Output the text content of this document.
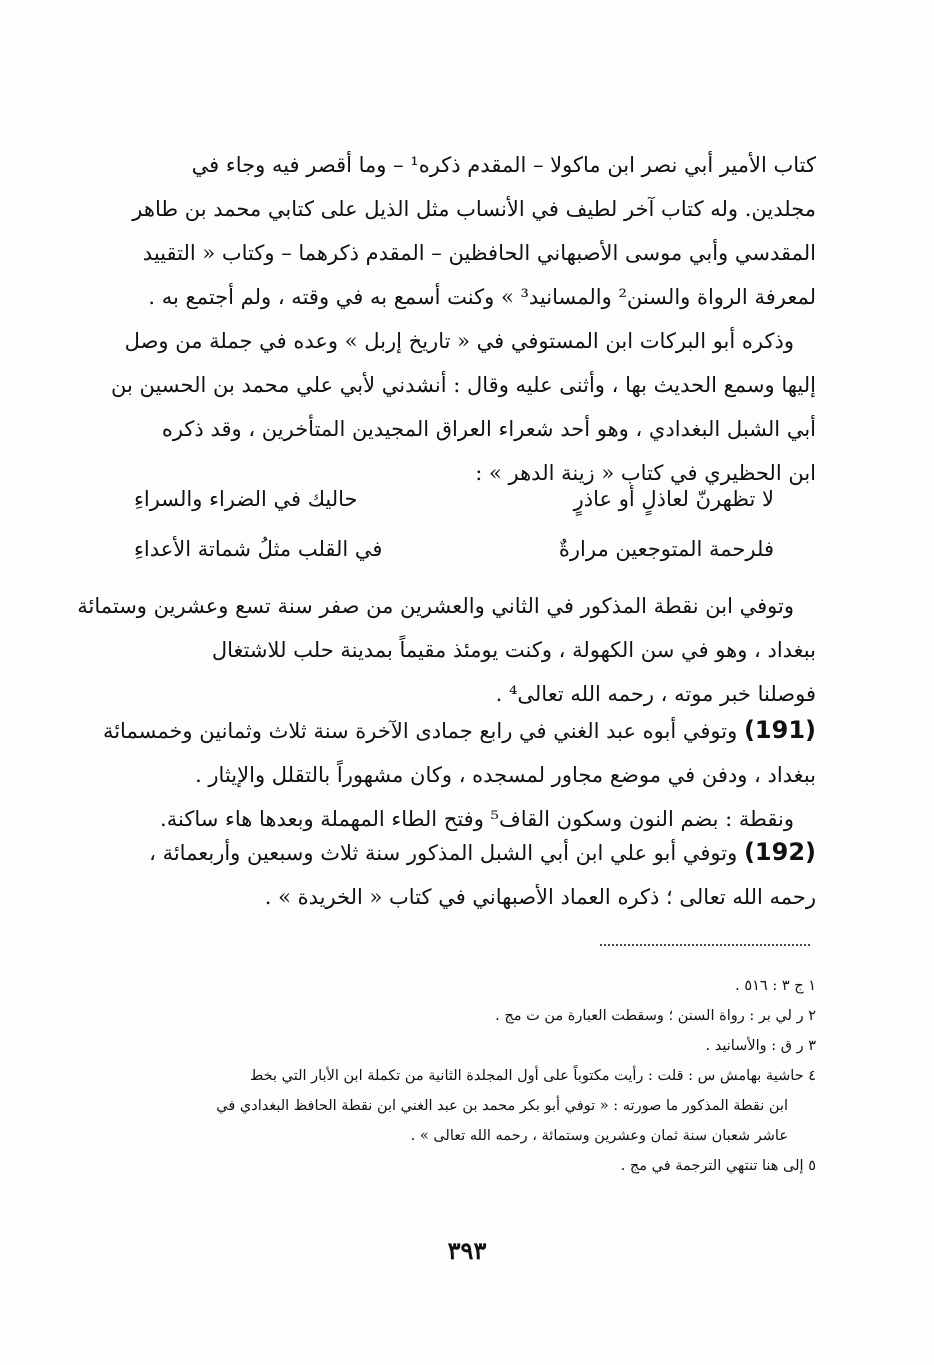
كتاب الأمير أبي نصر ابن ماكولا – المقدم ذكره¹ – وما أقصر فيه وجاء في
مجلدين. وله كتاب آخر لطيف في الأنساب مثل الذيل على كتابي محمد بن طاهر
المقدسي وأبي موسى الأصبهاني الحافظين – المقدم ذكرهما – وكتاب « التقييد
لمعرفة الرواة والسنن² والمسانيد³ » وكنت أسمع به في وقته ، ولم أجتمع به .
وذكره أبو البركات ابن المستوفي في « تاريخ إربل » وعده في جملة من وصل
إليها وسمع الحديث بها ، وأثنى عليه وقال : أنشدني لأبي علي محمد بن الحسين بن
أبي الشبل البغدادي ، وهو أحد شعراء العراق المجيدين المتأخرين ، وقد ذكره
ابن الحظيري في كتاب « زينة الدهر » :
لا تظهرنّ لعاذلٍ أو عاذرٍ
حاليك في الضراء والسراءِ
فلرحمة المتوجعين مرارةٌ
في القلب مثلُ شماتة الأعداءِ
وتوفي ابن نقطة المذكور في الثاني والعشرين من صفر سنة تسع وعشرين وستمائة
ببغداد ، وهو في سن الكهولة ، وكنت يومئذ مقيماً بمدينة حلب للاشتغال
فوصلنا خبر موته ، رحمه الله تعالى⁴ .
(191) وتوفي أبوه عبد الغني في رابع جمادى الآخرة سنة ثلاث وثمانين وخمسمائة
ببغداد ، ودفن في موضع مجاور لمسجده ، وكان مشهوراً بالتقلل والإيثار .
ونقطة : بضم النون وسكون القاف⁵ وفتح الطاء المهملة وبعدها هاء ساكنة.
(192) وتوفي أبو علي ابن أبي الشبل المذكور سنة ثلاث وسبعين وأربعمائة ،
رحمه الله تعالى ؛ ذكره العماد الأصبهاني في كتاب « الخريدة » .
١ ج ٣ : ٥١٦ .
٢ ر لي بر : رواة السنن ؛ وسقطت العبارة من ت مج .
٣ ر ق : والأسانيد .
٤ حاشية بهامش س : قلت : رأيت مكتوباً على أول المجلدة الثانية من تكملة ابن الأبار التي بخط
ابن نقطة المذكور ما صورته : « توفي أبو بكر محمد بن عبد الغني ابن نقطة الحافظ البغدادي في
عاشر شعبان سنة ثمان وعشرين وستمائة ، رحمه الله تعالى » .
٥ إلى هنا تنتهي الترجمة في مج .
٣٩٣
